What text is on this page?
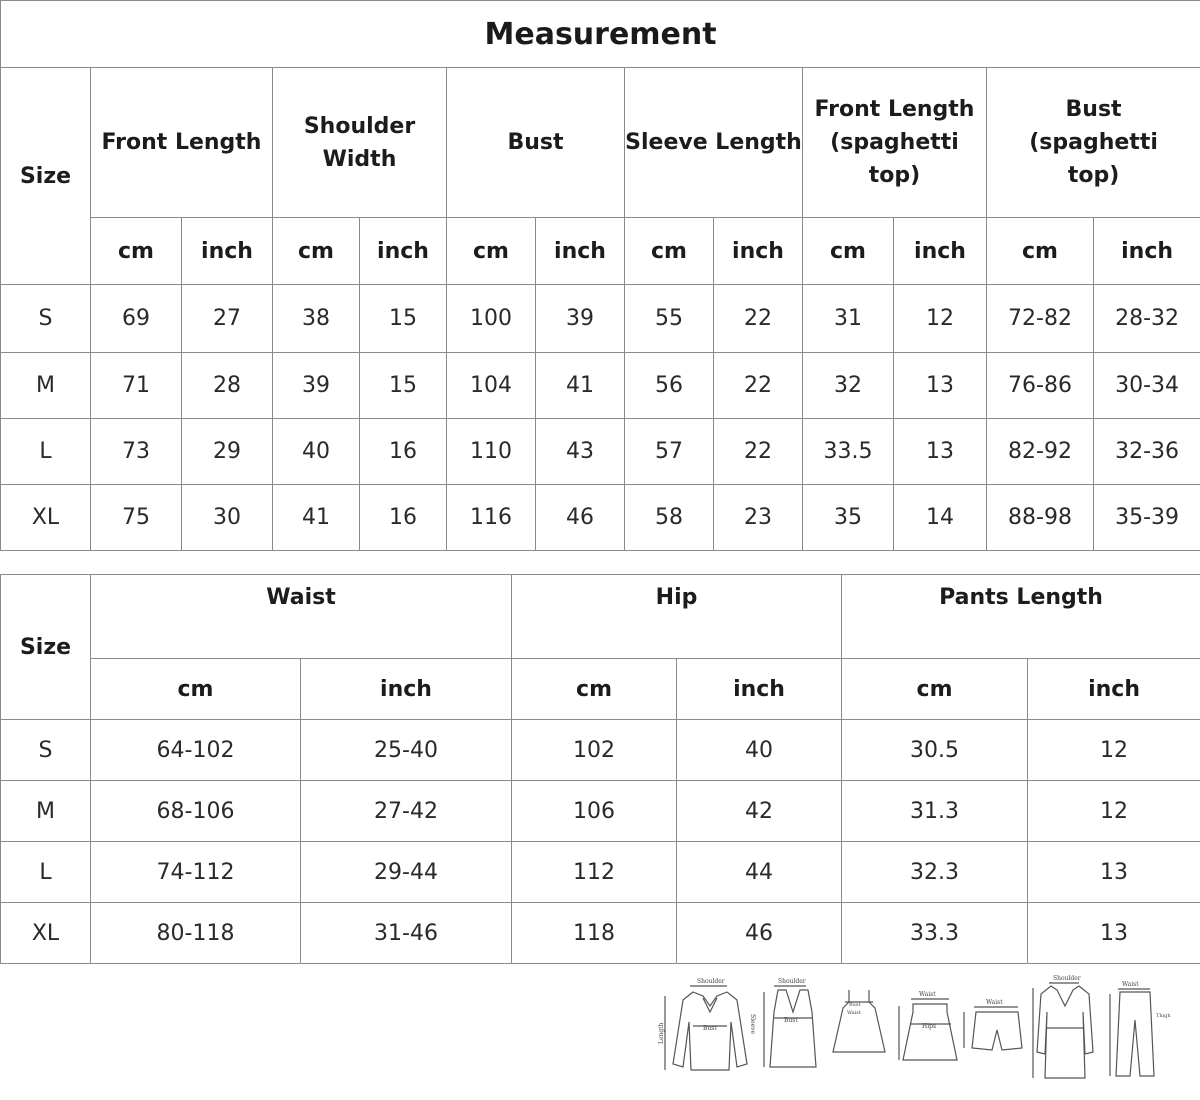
Measurement												
Size	Front Length		Shoulder Width		Bust		Sleeve Length		Front Length (spaghetti top)		Bust (spaghetti top)	
	cm	inch	cm	inch	cm	inch	cm	inch	cm	inch	cm	inch
S	69	27	38	15	100	39	55	22	31	12	72-82	28-32
M	71	28	39	15	104	41	56	22	32	13	76-86	30-34
L	73	29	40	16	110	43	57	22	33.5	13	82-92	32-36
XL	75	30	41	16	116	46	58	23	35	14	88-98	35-39
Size	Waist		Hip		Pants Length	
	cm	inch	cm	inch	cm	inch
S	64-102	25-40	102	40	30.5	12
M	68-106	27-42	106	42	31.3	12
L	74-112	29-44	112	44	32.3	13
XL	80-118	31-46	118	46	33.3	13
Shoulder
Bust
Length	Sleeve
Shoulder
Bust
Bust
Waist
Waist
Hips
Waist
Shoulder
Waist
Thigh
